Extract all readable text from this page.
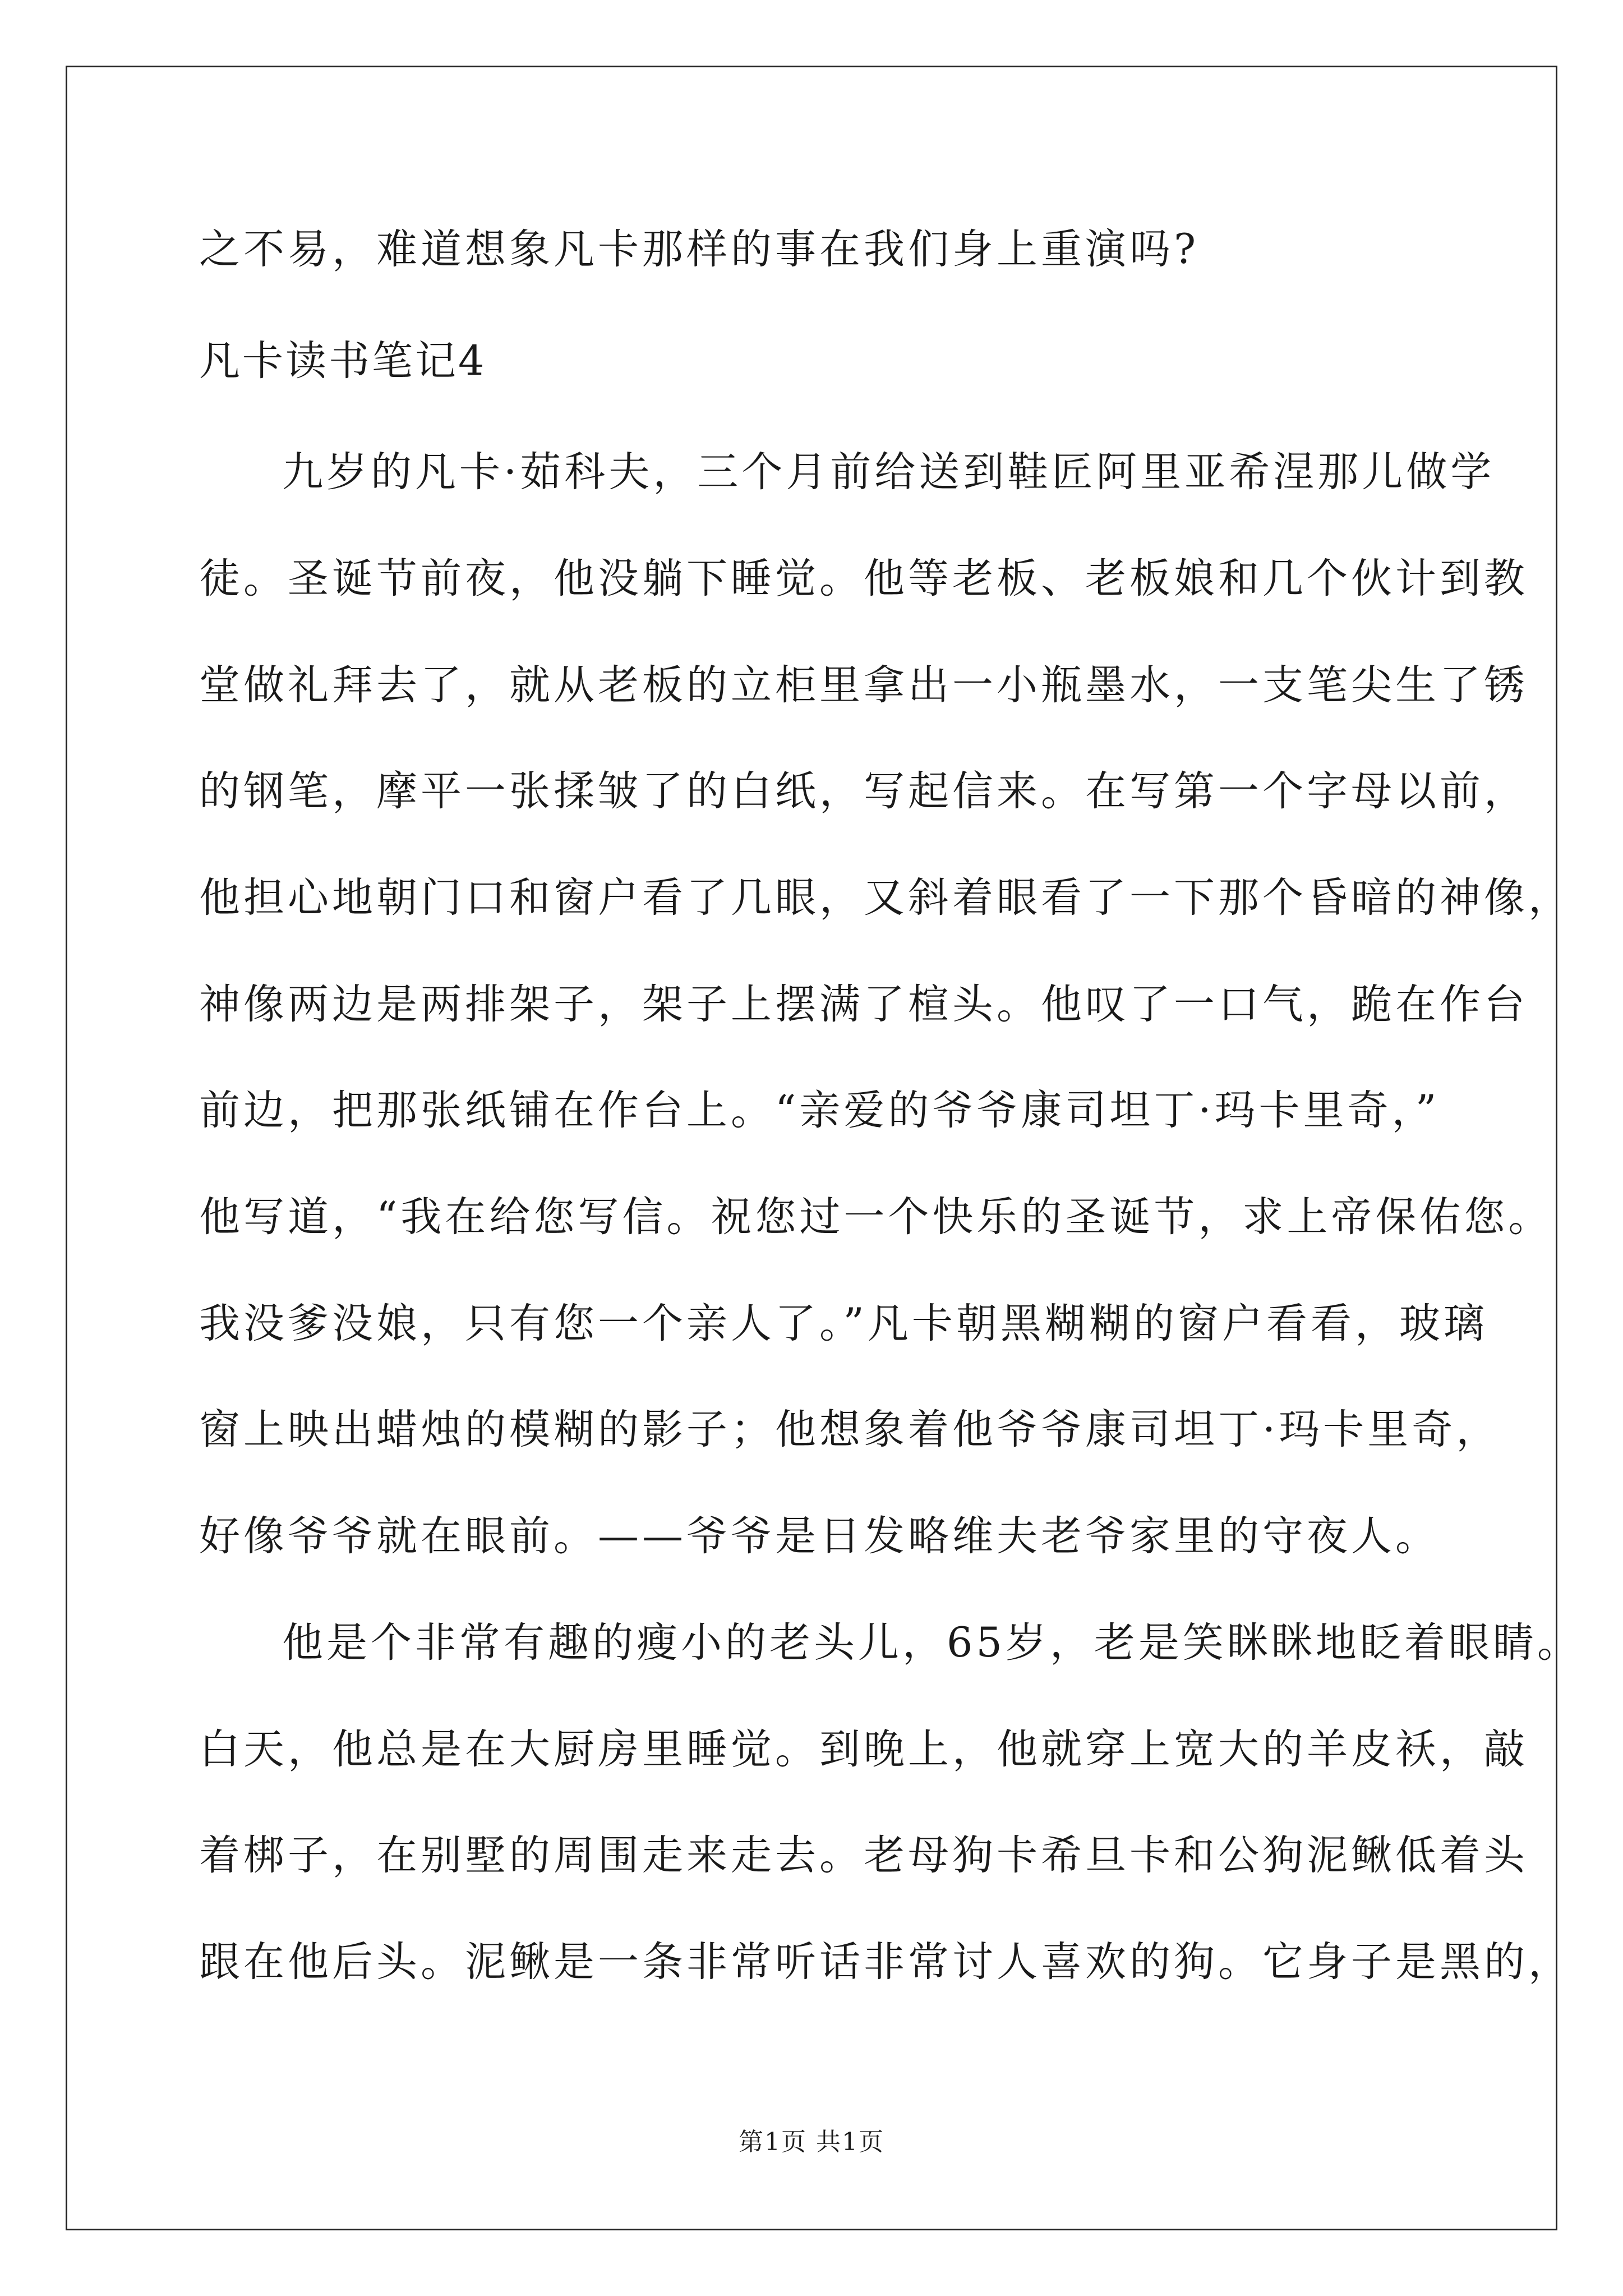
之不易，难道想象凡卡那样的事在我们身上重演吗?
凡卡读书笔记4
九岁的凡卡·茹科夫，三个月前给送到鞋匠阿里亚希涅那儿做学
徒。圣诞节前夜，他没躺下睡觉。他等老板、老板娘和几个伙计到教
堂做礼拜去了，就从老板的立柜里拿出一小瓶墨水，一支笔尖生了锈
的钢笔，摩平一张揉皱了的白纸，写起信来。在写第一个字母以前，
他担心地朝门口和窗户看了几眼，又斜着眼看了一下那个昏暗的神像，
神像两边是两排架子，架子上摆满了楦头。他叹了一口气，跪在作台
前边，把那张纸铺在作台上。“亲爱的爷爷康司坦丁·玛卡里奇，”
他写道，“我在给您写信。祝您过一个快乐的圣诞节，求上帝保佑您。
我没爹没娘，只有您一个亲人了。”凡卡朝黑糊糊的窗户看看，玻璃
窗上映出蜡烛的模糊的影子；他想象着他爷爷康司坦丁·玛卡里奇，
好像爷爷就在眼前。——爷爷是日发略维夫老爷家里的守夜人。
他是个非常有趣的瘦小的老头儿，65岁，老是笑眯眯地眨着眼睛。
白天，他总是在大厨房里睡觉。到晚上，他就穿上宽大的羊皮袄，敲
着梆子，在别墅的周围走来走去。老母狗卡希旦卡和公狗泥鳅低着头
跟在他后头。泥鳅是一条非常听话非常讨人喜欢的狗。它身子是黑的，
第1页 共1页
